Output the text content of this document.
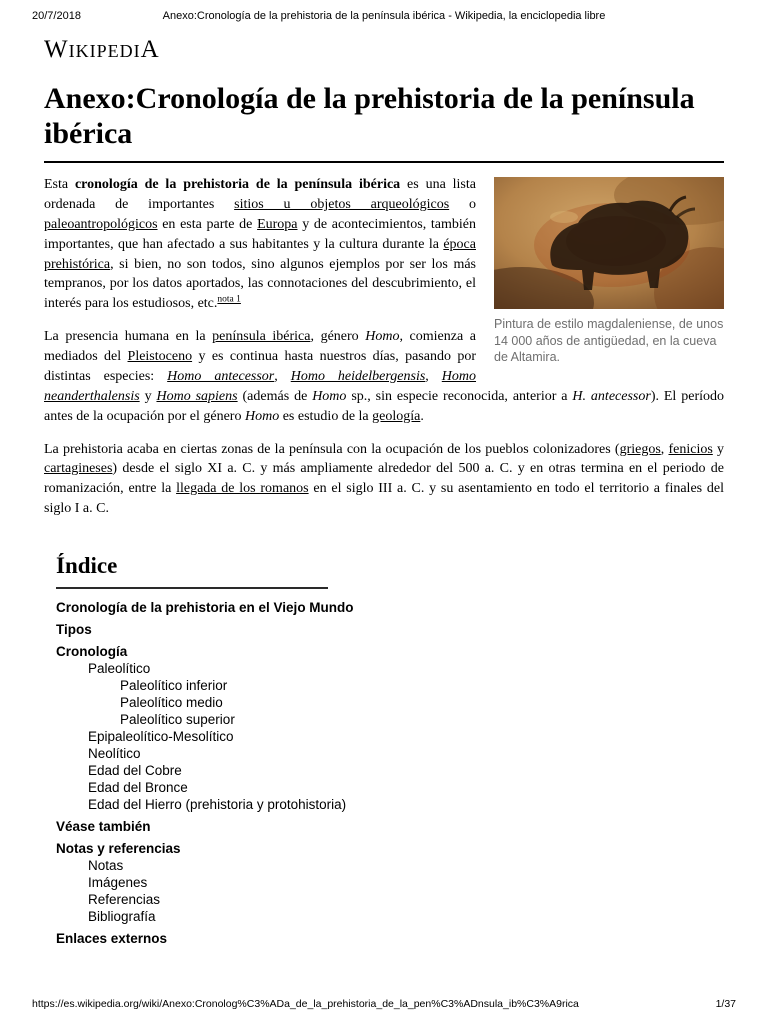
Anexo:Cronología de la prehistoria de la península ibérica - Wikipedia, la enciclopedia libre
20/7/2018
WikipediA
Anexo:Cronología de la prehistoria de la península ibérica
Pintura de estilo magdaleniense, de unos 14 000 años de antigüedad, en la cueva de Altamira.

Esta cronología de la prehistoria de la península ibérica es una lista ordenada de importantes sitios u objetos arqueológicos o paleoantropológicos en esta parte de Europa y de acontecimientos, también importantes, que han afectado a sus habitantes y la cultura durante la época prehistórica, si bien, no son todos, sino algunos ejemplos por ser los más tempranos, por los datos aportados, las connotaciones del descubrimiento, el interés para los estudiosos, etc.$^{nota 1}$

La presencia humana en la península ibérica, género Homo, comienza a mediados del Pleistoceno y es continua hasta nuestros días, pasando por distintas especies: Homo antecessor, Homo heidelbergensis, Homo neanderthalensis y Homo sapiens (además de Homo sp., sin especie reconocida, anterior a H. antecessor). El período antes de la ocupación por el género Homo es estudio de la geología.

La prehistoria acaba en ciertas zonas de la península con la ocupación de los pueblos colonizadores (griegos, fenicios y cartagineses) desde el siglo XI a. C. y más ampliamente alrededor del 500 a. C. y en otras termina en el periodo de romanización, entre la llegada de los romanos en el siglo III a. C. y su asentamiento en todo el territorio a finales del siglo I a. C.

Índice
Cronología de la prehistoria en el Viejo Mundo
Tipos
Cronología
Paleolítico
Paleolítico inferior
Paleolítico medio
Paleolítico superior
Epipaleolítico-Mesolítico
Neolítico
Edad del Cobre
Edad del Bronce
Edad del Hierro (prehistoria y protohistoria)
Véase también
Notas y referencias
Notas
Imágenes
Referencias
Bibliografía
Enlaces externos
https://es.wikipedia.org/wiki/Anexo:Cronolog%C3%ADa_de_la_prehistoria_de_la_pen%C3%ADnsula_ib%C3%A9rica	1/37
